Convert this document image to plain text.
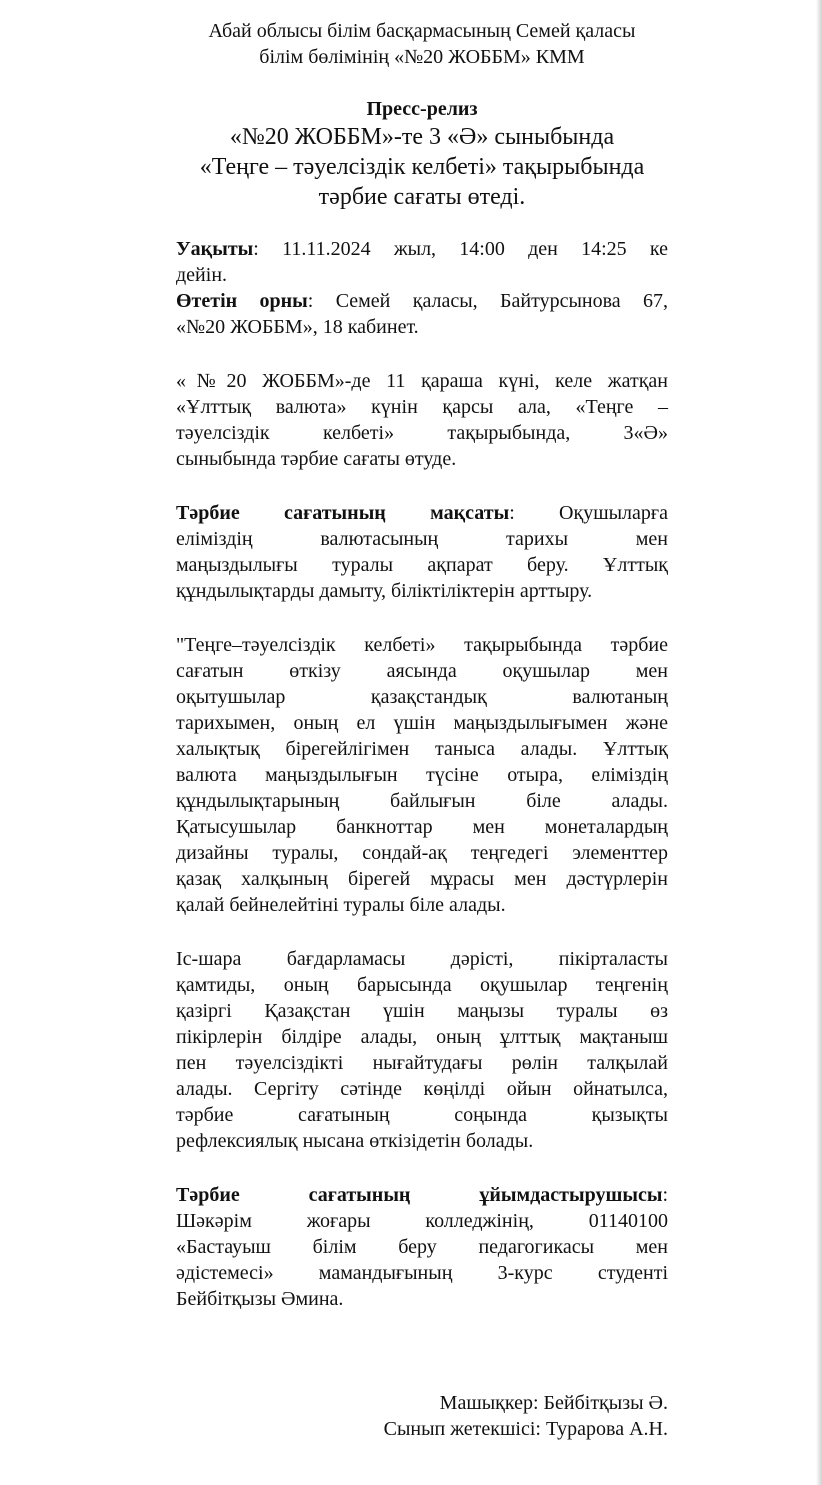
Абай облысы білім басқармасының Семей қаласы
білім бөлімінің «№20 ЖОББМ» КММ
Пресс-релиз
«№20 ЖОББМ»-те 3 «Ә» сыныбында
«Теңге – тәуелсіздік келбеті» тақырыбында
тәрбие сағаты өтеді.
Уақыты: 11.11.2024 жыл, 14:00 ден 14:25 ке
дейін.
Өтетін орны: Семей қаласы, Байтурсынова 67,
«№20 ЖОББМ», 18 кабинет.
«№20 ЖОББМ»-де 11 қараша күні, келе жатқан
«Ұлттық валюта» күнін қарсы ала, «Теңге –
тәуелсіздік келбеті» тақырыбында, 3«Ә»
сыныбында тәрбие сағаты өтуде.
Тәрбие сағатының мақсаты: Оқушыларға
еліміздің валютасының тарихы мен
маңыздылығы туралы ақпарат беру. Ұлттық
құндылықтарды дамыту, біліктіліктерін арттыру.
"Теңге–тәуелсіздік келбеті» тақырыбында тәрбие
сағатын өткізу аясында оқушылар мен
оқытушылар қазақстандық валютаның
тарихымен, оның ел үшін маңыздылығымен және
халықтық бірегейлігімен таныса алады. Ұлттық
валюта маңыздылығын түсіне отыра, еліміздің
құндылықтарының байлығын біле алады.
Қатысушылар банкноттар мен монеталардың
дизайны туралы, сондай-ақ теңгедегі элементтер
қазақ халқының бірегей мұрасы мен дәстүрлерін
қалай бейнелейтіні туралы біле алады.
Іс-шара бағдарламасы дәрісті, пікірталасты
қамтиды, оның барысында оқушылар теңгенің
қазіргі Қазақстан үшін маңызы туралы өз
пікірлерін білдіре алады, оның ұлттық мақтаныш
пен тәуелсіздікті нығайтудағы рөлін талқылай
алады. Сергіту сәтінде көңілді ойын ойнатылса,
тәрбие сағатының соңында қызықты
рефлексиялық нысана өткізідетін болады.
Тәрбие сағатының ұйымдастырушысы:
Шәкәрім жоғары колледжінің, 01140100
«Бастауыш білім беру педагогикасы мен
әдістемесі» мамандығының 3-курс студенті
Бейбітқызы Әмина.
Машықкер: Бейбітқызы Ә.
Сынып жетекшісі: Турарова А.Н.
